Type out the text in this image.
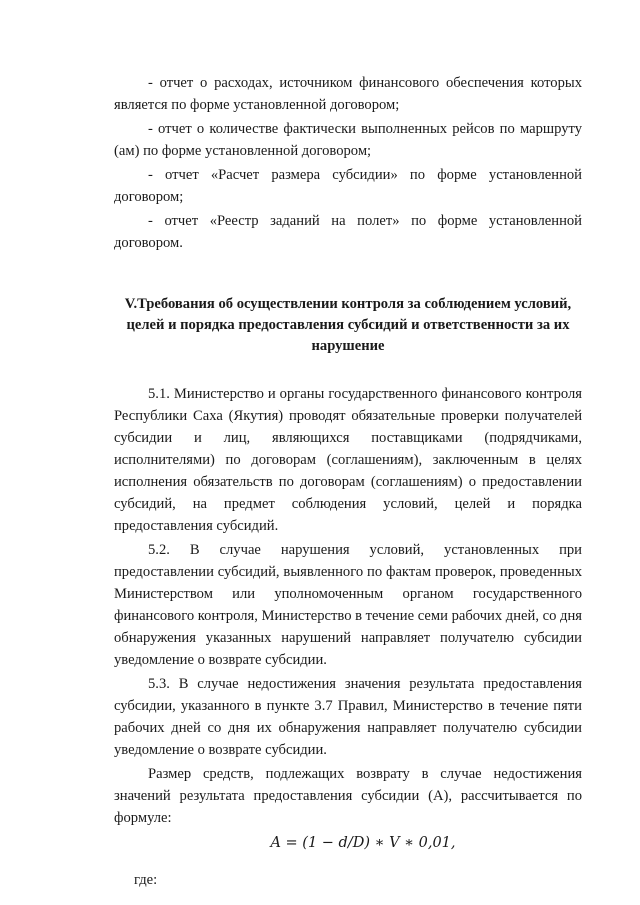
- отчет о расходах, источником финансового обеспечения которых является по форме установленной договором;

- отчет о количестве фактически выполненных рейсов по маршруту (ам) по форме установленной договором;

- отчет «Расчет размера субсидии» по форме установленной договором;

- отчет «Реестр заданий на полет» по форме установленной договором.

V.Требования об осуществлении контроля за соблюдением условий, целей и порядка предоставления субсидий и ответственности за их нарушение

5.1. Министерство и органы государственного финансового контроля Республики Саха (Якутия) проводят обязательные проверки получателей субсидии и лиц, являющихся поставщиками (подрядчиками, исполнителями) по договорам (соглашениям), заключенным в целях исполнения обязательств по договорам (соглашениям) о предоставлении субсидий, на предмет соблюдения условий, целей и порядка предоставления субсидий.

5.2. В случае нарушения условий, установленных при предоставлении субсидий, выявленного по фактам проверок, проведенных Министерством или уполномоченным органом государственного финансового контроля, Министерство в течение семи рабочих дней, со дня обнаружения указанных нарушений направляет получателю субсидии уведомление о возврате субсидии.

5.3. В случае недостижения значения результата предоставления субсидии, указанного в пункте 3.7 Правил, Министерство в течение пяти рабочих дней со дня их обнаружения направляет получателю субсидии уведомление о возврате субсидии.

Размер средств, подлежащих возврату в случае недостижения значений результата предоставления субсидии (А), рассчитывается по формуле:

A = (1 − d/D) ∗ V ∗ 0,01,
где:
